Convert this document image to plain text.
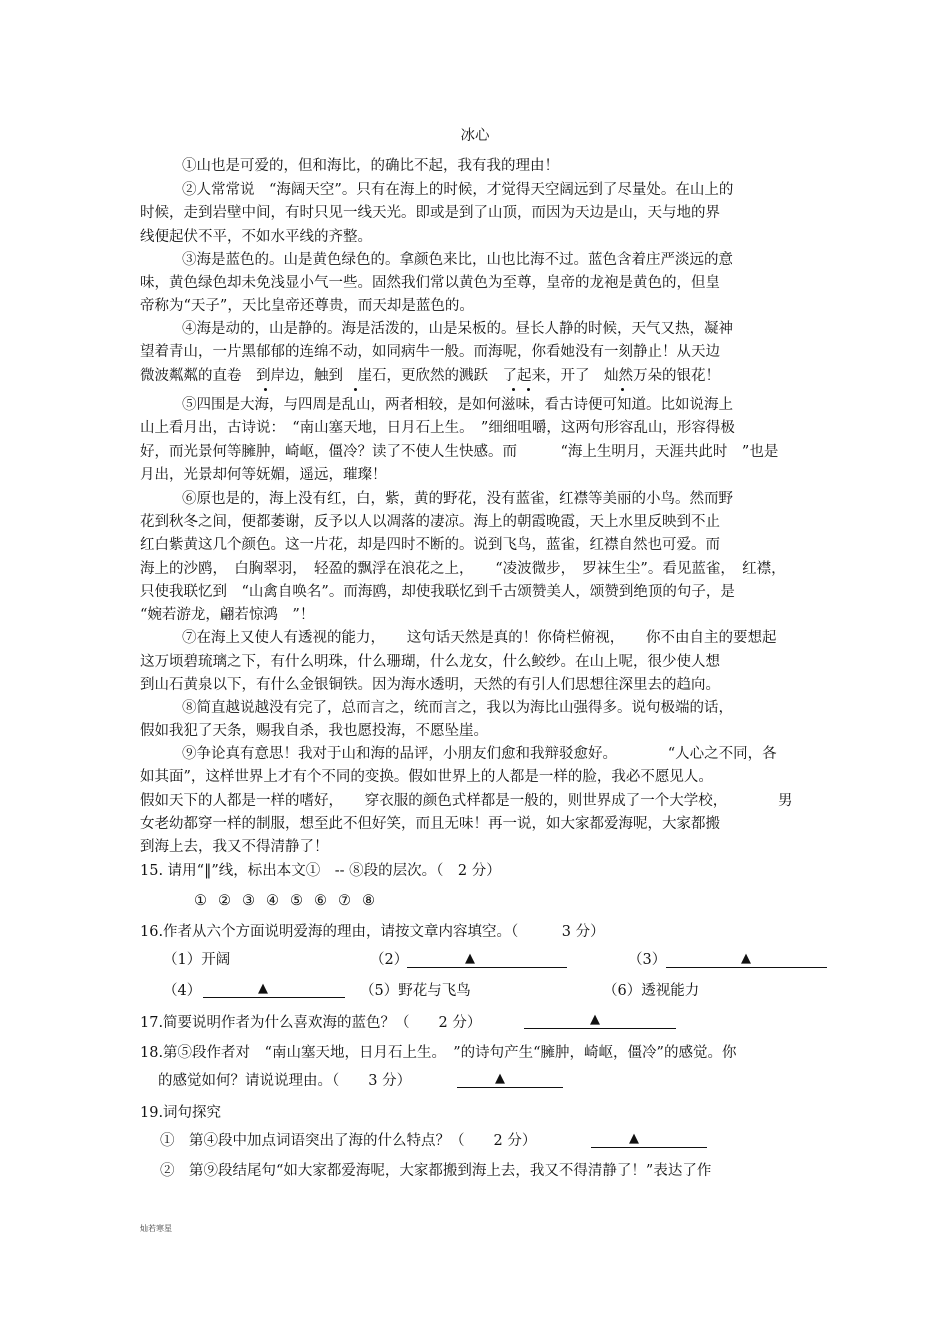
冰心
①山也是可爱的，但和海比，的确比不起，我有我的理由！
②人常常说　“海阔天空”。只有在海上的时候，才觉得天空阔远到了尽量处。在山上的
时候，走到岩壁中间，有时只见一线天光。即或是到了山顶，而因为天边是山，天与地的界
线便起伏不平，不如水平线的齐整。
③海是蓝色的。山是黄色绿色的。拿颜色来比，山也比海不过。蓝色含着庄严淡远的意
味，黄色绿色却未免浅显小气一些。固然我们常以黄色为至尊，皇帝的龙袍是黄色的，但皇
帝称为“天子”，天比皇帝还尊贵，而天却是蓝色的。
④海是动的，山是静的。海是活泼的，山是呆板的。昼长人静的时候，天气又热，凝神
望着青山，一片黑郁郁的连绵不动，如同病牛一般。而海呢，你看她没有一刻静止！从天边
微波粼粼的直卷　到岸边，触到　崖石，更欣然的溅跃　了起来，开了　灿然万朵的银花！
⑤四围是大海，与四周是乱山，两者相较，是如何滋味，看古诗便可知道。比如说海上
山上看月出，古诗说：　“南山塞天地，日月石上生。　”细细咀嚼，这两句形容乱山，形容得极
好，而光景何等臃肿，崎岖，僵冷？读了不使人生快感。而　　　“海上生明月，天涯共此时　”也是
月出，光景却何等妩媚，遥远，璀璨！
⑥原也是的，海上没有红，白，紫，黄的野花，没有蓝雀，红襟等美丽的小鸟。然而野
花到秋冬之间，便都萎谢，反予以人以凋落的凄凉。海上的朝霞晚霞，天上水里反映到不止
红白紫黄这几个颜色。这一片花，却是四时不断的。说到飞鸟，蓝雀，红襟自然也可爱。而
海上的沙鸥，　白胸翠羽，　轻盈的飘浮在浪花之上，　　“凌波微步，　罗袜生尘”。看见蓝雀，　红襟，
只使我联忆到　“山禽自唤名”。而海鸥，却使我联忆到千古颂赞美人，颂赞到绝顶的句子，是
“婉若游龙，翩若惊鸿　”！
⑦在海上又使人有透视的能力，　　这句话天然是真的！你倚栏俯视，　　你不由自主的要想起
这万顷碧琉璃之下，有什么明珠，什么珊瑚，什么龙女，什么鲛纱。在山上呢，很少使人想
到山石黄泉以下，有什么金银铜铁。因为海水透明，天然的有引人们思想往深里去的趋向。
⑧简直越说越没有完了，总而言之，统而言之，我以为海比山强得多。说句极端的话，
假如我犯了天条，赐我自杀，我也愿投海，不愿坠崖。
⑨争论真有意思！我对于山和海的品评，小朋友们愈和我辩驳愈好。　　　　“人心之不同，各
如其面”，这样世界上才有个不同的变换。假如世界上的人都是一样的脸，我必不愿见人。
假如天下的人都是一样的嗜好，　　穿衣服的颜色式样都是一般的，则世界成了一个大学校，　　　　男
女老幼都穿一样的制服，想至此不但好笑，而且无味！再一说，如大家都爱海呢，大家都搬
到海上去，我又不得清静了！
15. 请用“‖”线，标出本文①　-- ⑧段的层次。（　2 分）
① ② ③ ④ ⑤ ⑥ ⑦ ⑧
16.作者从六个方面说明爱海的理由，请按文章内容填空。（　　　3 分）
（1）开阔	（2）	▲	（3）	▲
（4）	▲	（5）野花与飞鸟	（6）透视能力
17.简要说明作者为什么喜欢海的蓝色？（　　2 分）	▲
18.第⑤段作者对　“南山塞天地，日月石上生。　”的诗句产生“臃肿，崎岖，僵冷”的感觉。你
的感觉如何？请说说理由。（　　3 分）	▲
19.词句探究
①　第④段中加点词语突出了海的什么特点？（　　2 分）	▲
②　第⑨段结尾句“如大家都爱海呢，大家都搬到海上去，我又不得清静了！”表达了作
灿若寒星
